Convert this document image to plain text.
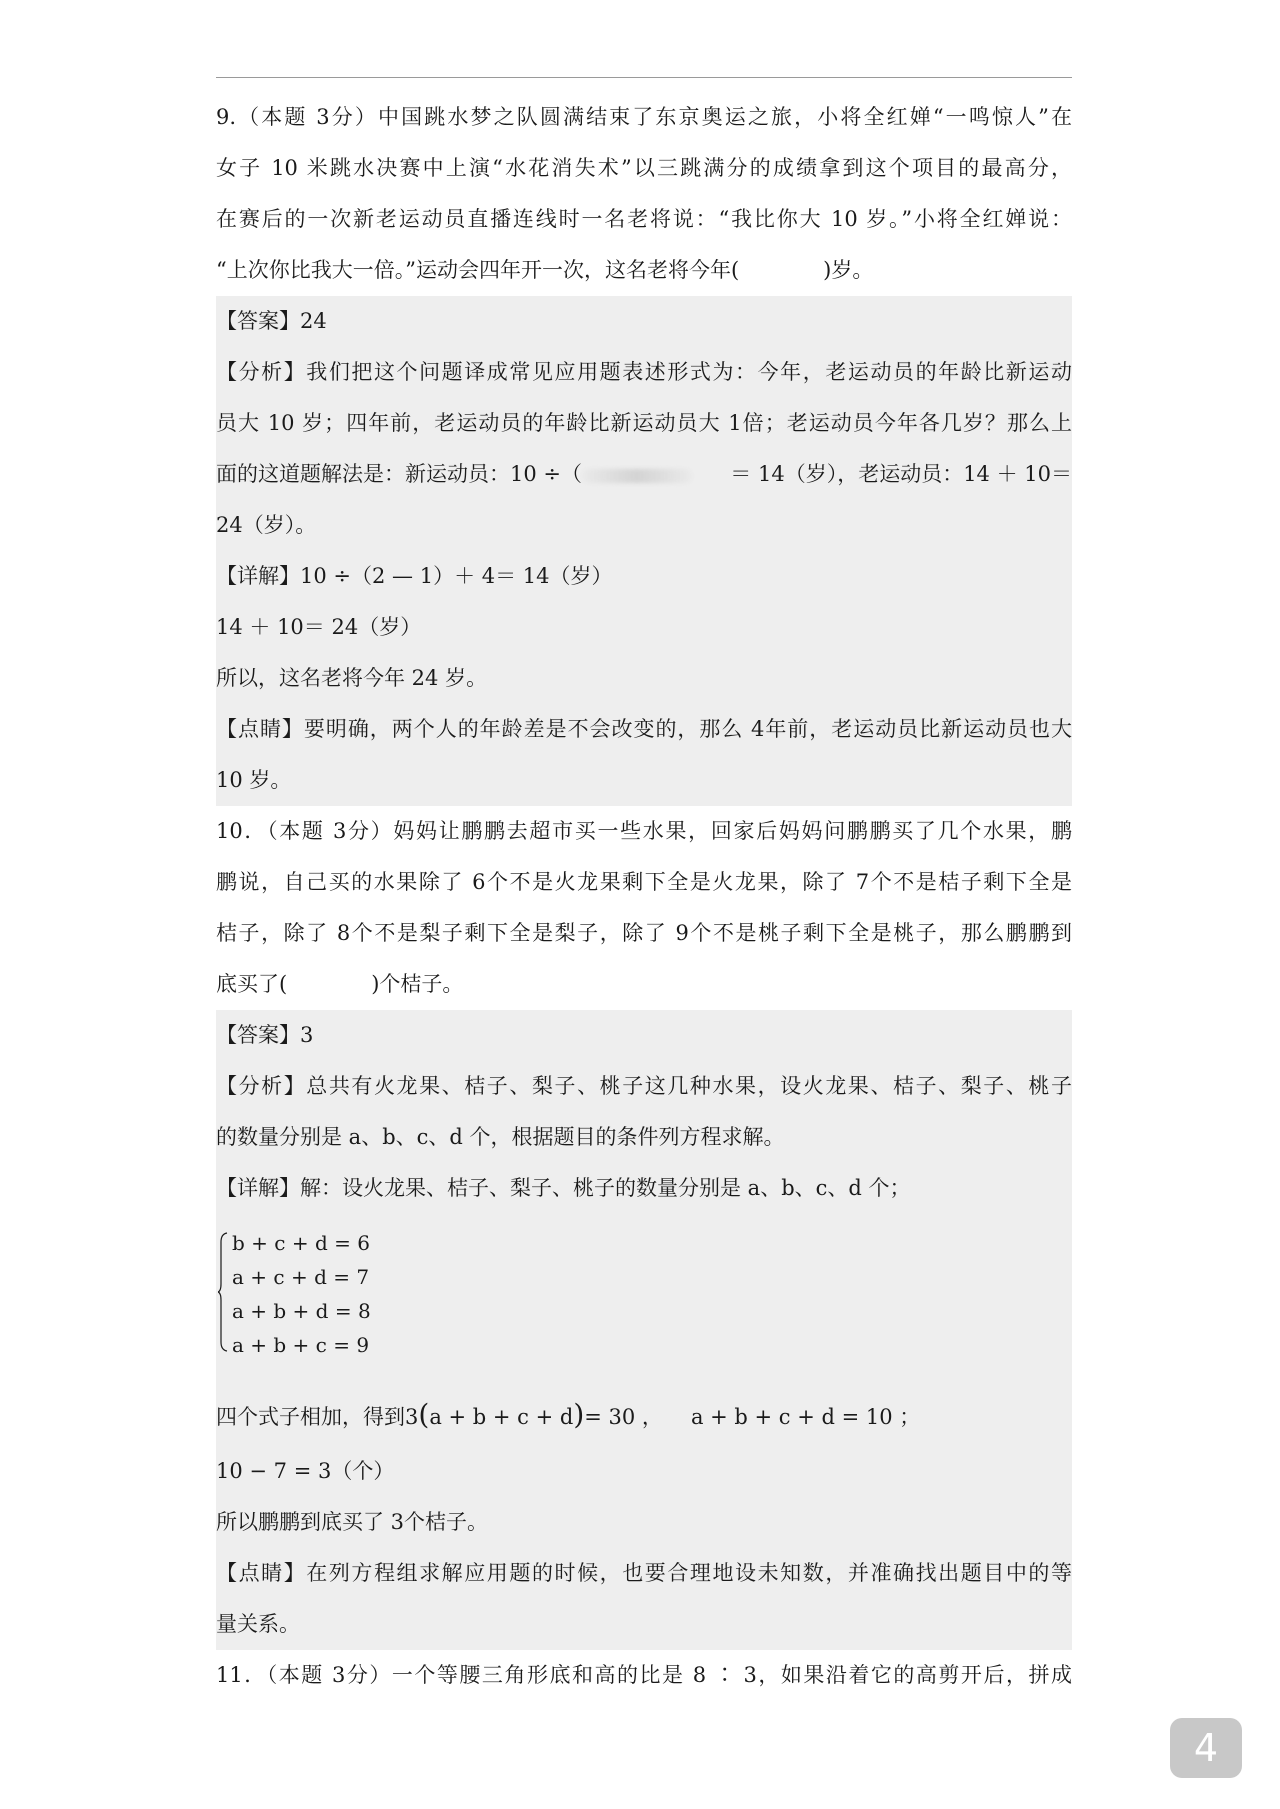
9.（本题 3分）中国跳水梦之队圆满结束了东京奥运之旅，小将全红婵“一鸣惊人”在
女子 10 米跳水决赛中上演“水花消失术”以三跳满分的成绩拿到这个项目的最高分，
在赛后的一次新老运动员直播连线时一名老将说：“我比你大 10 岁。”小将全红婵说：
“上次你比我大一倍。”运动会四年开一次，这名老将今年(	)岁。
【答案】24
【分析】我们把这个问题译成常见应用题表述形式为：今年，老运动员的年龄比新运动
员大 10 岁；四年前，老运动员的年龄比新运动员大 1倍；老运动员今年各几岁？那么上
面的这道题解法是：新运动员：10 ÷（	＝ 14（岁），老运动员：14 ＋ 10＝
24（岁）。
【详解】10 ÷（2 — 1）＋ 4＝ 14（岁）
14 ＋ 10＝ 24（岁）
所以，这名老将今年 24 岁。
【点睛】要明确，两个人的年龄差是不会改变的，那么 4年前，老运动员比新运动员也大
10 岁。
10．（本题 3分）妈妈让鹏鹏去超市买一些水果，回家后妈妈问鹏鹏买了几个水果，鹏
鹏说，自己买的水果除了 6个不是火龙果剩下全是火龙果，除了 7个不是桔子剩下全是
桔子，除了 8个不是梨子剩下全是梨子，除了 9个不是桃子剩下全是桃子，那么鹏鹏到
底买了(	)个桔子。
【答案】3
【分析】总共有火龙果、桔子、梨子、桃子这几种水果，设火龙果、桔子、梨子、桃子
的数量分别是 a、b、c、d 个，根据题目的条件列方程求解。
【详解】解：设火龙果、桔子、梨子、桃子的数量分别是 a、b、c、d 个；
b + c + d = 6
a + c + d = 7
a + b + d = 8
a + b + c = 9
四个式子相加，得到3(a + b + c + d)= 30 ， a + b + c + d = 10 ；
10 − 7 = 3（个）
所以鹏鹏到底买了 3个桔子。
【点睛】在列方程组求解应用题的时候，也要合理地设未知数，并准确找出题目中的等
量关系。
11．（本题 3分）一个等腰三角形底和高的比是 8 ∶ 3，如果沿着它的高剪开后，拼成
4
